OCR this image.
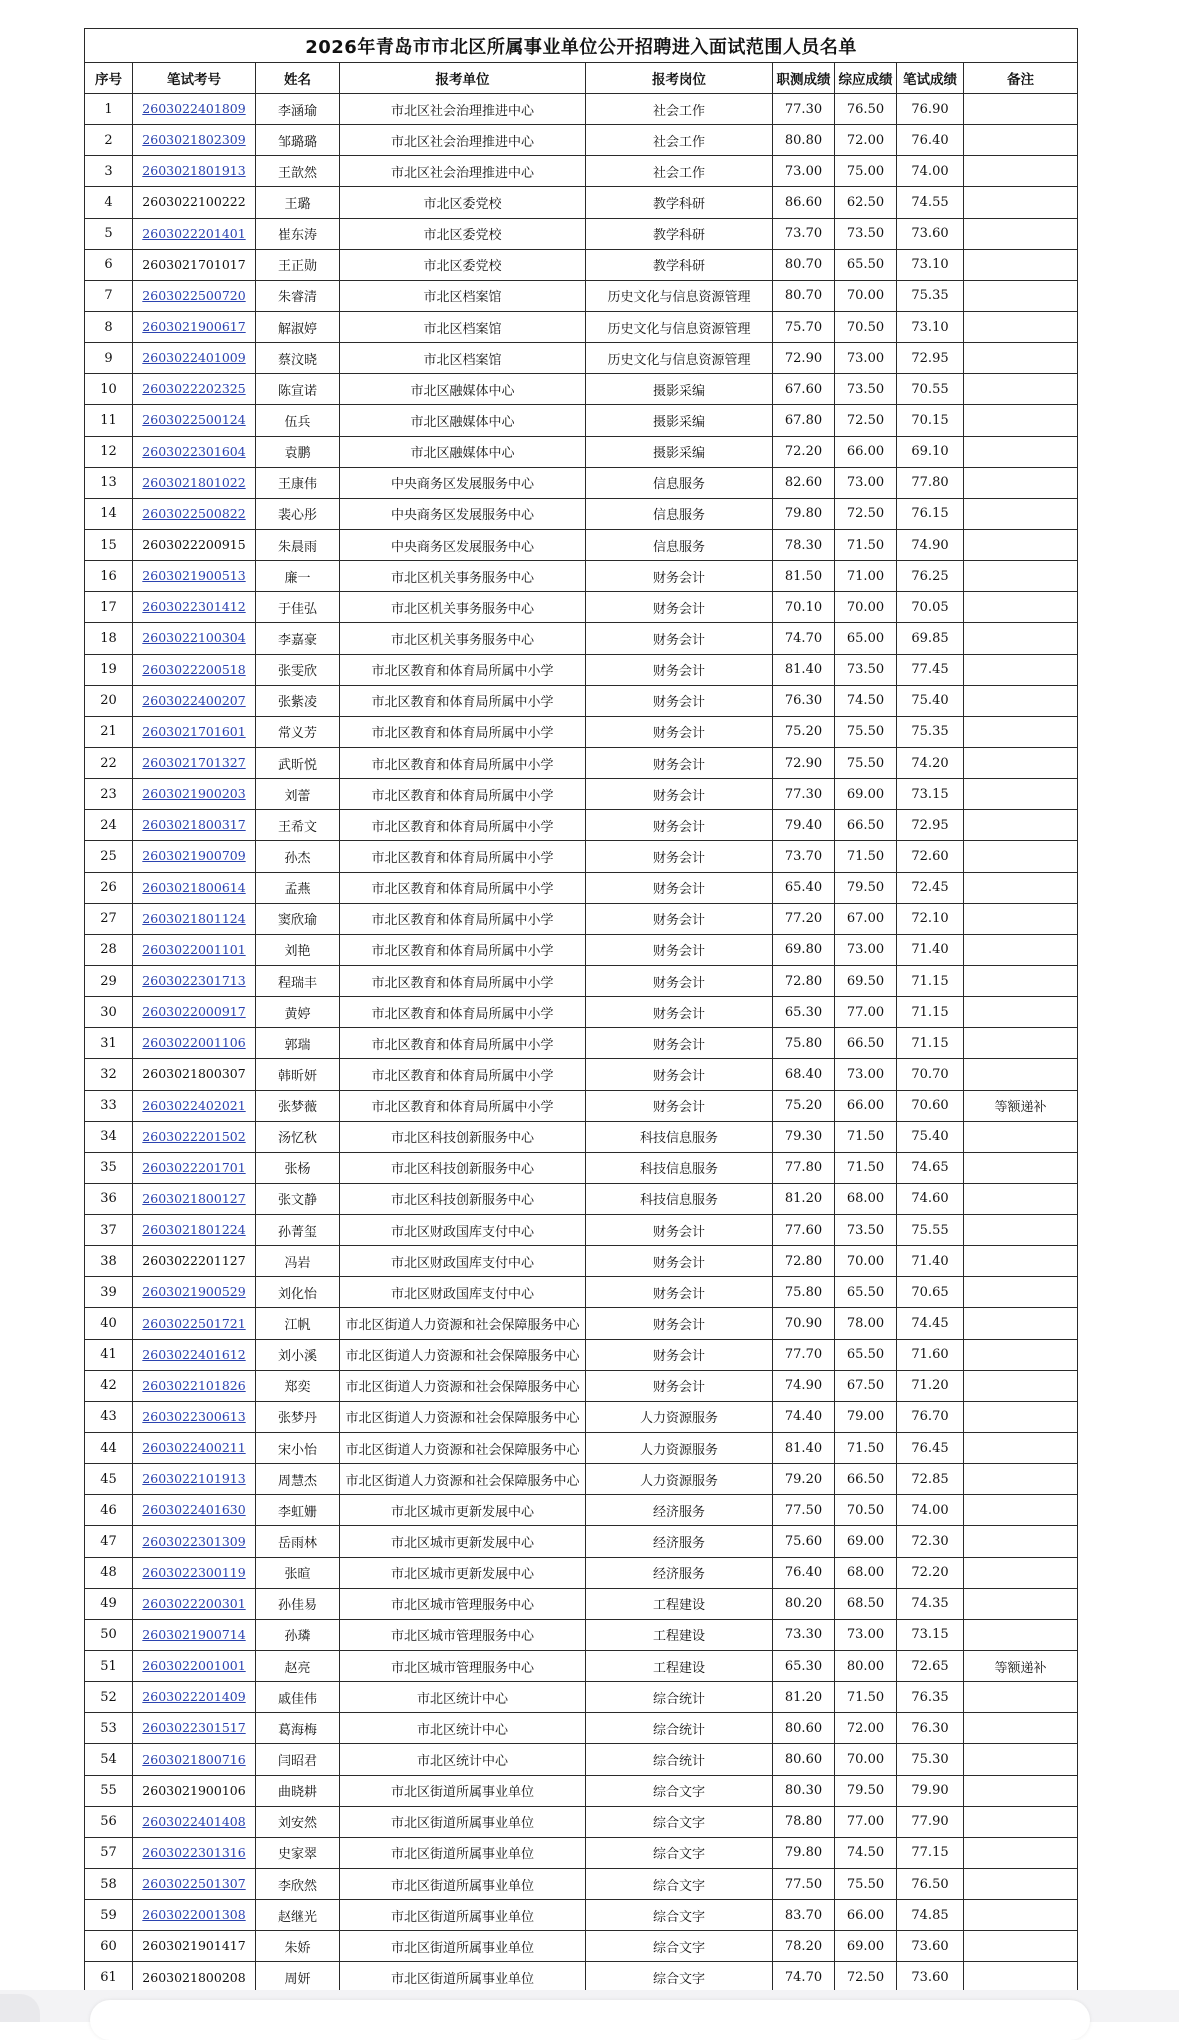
2026年青岛市市北区所属事业单位公开招聘进入面试范围人员名单								
序号	笔试考号	姓名	报考单位	报考岗位	职测成绩	综应成绩	笔试成绩	备注
1	2603022401809	李涵瑜	市北区社会治理推进中心	社会工作	77.30	76.50	76.90	
2	2603021802309	邹璐璐	市北区社会治理推进中心	社会工作	80.80	72.00	76.40	
3	2603021801913	王歆然	市北区社会治理推进中心	社会工作	73.00	75.00	74.00	
4	2603022100222	王璐	市北区委党校	教学科研	86.60	62.50	74.55	
5	2603022201401	崔东涛	市北区委党校	教学科研	73.70	73.50	73.60	
6	2603021701017	王正勋	市北区委党校	教学科研	80.70	65.50	73.10	
7	2603022500720	朱睿清	市北区档案馆	历史文化与信息资源管理	80.70	70.00	75.35	
8	2603021900617	解淑婷	市北区档案馆	历史文化与信息资源管理	75.70	70.50	73.10	
9	2603022401009	蔡汶晓	市北区档案馆	历史文化与信息资源管理	72.90	73.00	72.95	
10	2603022202325	陈宣诺	市北区融媒体中心	摄影采编	67.60	73.50	70.55	
11	2603022500124	伍兵	市北区融媒体中心	摄影采编	67.80	72.50	70.15	
12	2603022301604	袁鹏	市北区融媒体中心	摄影采编	72.20	66.00	69.10	
13	2603021801022	王康伟	中央商务区发展服务中心	信息服务	82.60	73.00	77.80	
14	2603022500822	裴心彤	中央商务区发展服务中心	信息服务	79.80	72.50	76.15	
15	2603022200915	朱晨雨	中央商务区发展服务中心	信息服务	78.30	71.50	74.90	
16	2603021900513	廉一	市北区机关事务服务中心	财务会计	81.50	71.00	76.25	
17	2603022301412	于佳弘	市北区机关事务服务中心	财务会计	70.10	70.00	70.05	
18	2603022100304	李嘉豪	市北区机关事务服务中心	财务会计	74.70	65.00	69.85	
19	2603022200518	张雯欣	市北区教育和体育局所属中小学	财务会计	81.40	73.50	77.45	
20	2603022400207	张紫凌	市北区教育和体育局所属中小学	财务会计	76.30	74.50	75.40	
21	2603021701601	常义芳	市北区教育和体育局所属中小学	财务会计	75.20	75.50	75.35	
22	2603021701327	武昕悦	市北区教育和体育局所属中小学	财务会计	72.90	75.50	74.20	
23	2603021900203	刘蕾	市北区教育和体育局所属中小学	财务会计	77.30	69.00	73.15	
24	2603021800317	王希文	市北区教育和体育局所属中小学	财务会计	79.40	66.50	72.95	
25	2603021900709	孙杰	市北区教育和体育局所属中小学	财务会计	73.70	71.50	72.60	
26	2603021800614	孟燕	市北区教育和体育局所属中小学	财务会计	65.40	79.50	72.45	
27	2603021801124	窦欣瑜	市北区教育和体育局所属中小学	财务会计	77.20	67.00	72.10	
28	2603022001101	刘艳	市北区教育和体育局所属中小学	财务会计	69.80	73.00	71.40	
29	2603022301713	程瑞丰	市北区教育和体育局所属中小学	财务会计	72.80	69.50	71.15	
30	2603022000917	黄婷	市北区教育和体育局所属中小学	财务会计	65.30	77.00	71.15	
31	2603022001106	郭瑞	市北区教育和体育局所属中小学	财务会计	75.80	66.50	71.15	
32	2603021800307	韩昕妍	市北区教育和体育局所属中小学	财务会计	68.40	73.00	70.70	
33	2603022402021	张梦薇	市北区教育和体育局所属中小学	财务会计	75.20	66.00	70.60	等额递补
34	2603022201502	汤忆秋	市北区科技创新服务中心	科技信息服务	79.30	71.50	75.40	
35	2603022201701	张杨	市北区科技创新服务中心	科技信息服务	77.80	71.50	74.65	
36	2603021800127	张文静	市北区科技创新服务中心	科技信息服务	81.20	68.00	74.60	
37	2603021801224	孙菁玺	市北区财政国库支付中心	财务会计	77.60	73.50	75.55	
38	2603022201127	冯岩	市北区财政国库支付中心	财务会计	72.80	70.00	71.40	
39	2603021900529	刘化怡	市北区财政国库支付中心	财务会计	75.80	65.50	70.65	
40	2603022501721	江帆	市北区街道人力资源和社会保障服务中心	财务会计	70.90	78.00	74.45	
41	2603022401612	刘小溪	市北区街道人力资源和社会保障服务中心	财务会计	77.70	65.50	71.60	
42	2603022101826	郑奕	市北区街道人力资源和社会保障服务中心	财务会计	74.90	67.50	71.20	
43	2603022300613	张梦丹	市北区街道人力资源和社会保障服务中心	人力资源服务	74.40	79.00	76.70	
44	2603022400211	宋小怡	市北区街道人力资源和社会保障服务中心	人力资源服务	81.40	71.50	76.45	
45	2603022101913	周慧杰	市北区街道人力资源和社会保障服务中心	人力资源服务	79.20	66.50	72.85	
46	2603022401630	李虹姗	市北区城市更新发展中心	经济服务	77.50	70.50	74.00	
47	2603022301309	岳雨林	市北区城市更新发展中心	经济服务	75.60	69.00	72.30	
48	2603022300119	张暄	市北区城市更新发展中心	经济服务	76.40	68.00	72.20	
49	2603022200301	孙佳易	市北区城市管理服务中心	工程建设	80.20	68.50	74.35	
50	2603021900714	孙璘	市北区城市管理服务中心	工程建设	73.30	73.00	73.15	
51	2603022001001	赵亮	市北区城市管理服务中心	工程建设	65.30	80.00	72.65	等额递补
52	2603022201409	戚佳伟	市北区统计中心	综合统计	81.20	71.50	76.35	
53	2603022301517	葛海梅	市北区统计中心	综合统计	80.60	72.00	76.30	
54	2603021800716	闫昭君	市北区统计中心	综合统计	80.60	70.00	75.30	
55	2603021900106	曲晓耕	市北区街道所属事业单位	综合文字	80.30	79.50	79.90	
56	2603022401408	刘安然	市北区街道所属事业单位	综合文字	78.80	77.00	77.90	
57	2603022301316	史家翠	市北区街道所属事业单位	综合文字	79.80	74.50	77.15	
58	2603022501307	李欣然	市北区街道所属事业单位	综合文字	77.50	75.50	76.50	
59	2603022001308	赵继光	市北区街道所属事业单位	综合文字	83.70	66.00	74.85	
60	2603021901417	朱娇	市北区街道所属事业单位	综合文字	78.20	69.00	73.60	
61	2603021800208	周妍	市北区街道所属事业单位	综合文字	74.70	72.50	73.60	
